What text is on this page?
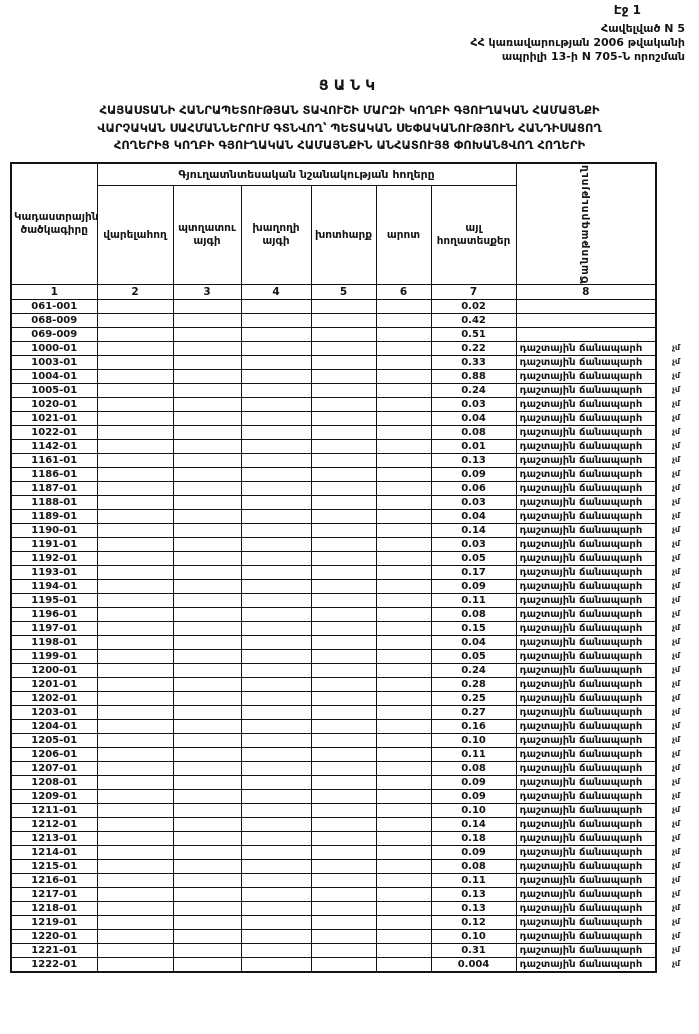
Էջ 1
Հավելված N 5
ՀՀ կառավարության 2006 թվականի
ապրիլի 13-ի N 705-Ն որոշման
ՑԱՆԿ
ՀԱՅԱՍՏԱՆԻ ՀԱՆՐԱՊԵՏՈՒԹՅԱՆ ՏԱՎՈՒՇԻ ՄԱՐԶԻ ԿՈՂԲԻ ԳՅՈՒՂԱԿԱՆ ՀԱՄԱՅՆՔԻ
ՎԱՐՉԱԿԱՆ ՍԱՀՄԱՆՆԵՐՈՒՄ ԳՏՆՎՈՂ՝ ՊԵՏԱԿԱՆ ՍԵՓԱԿԱՆՈՒԹՅՈՒՆ ՀԱՆԴԻՍԱՑՈՂ
ՀՈՂԵՐԻՑ ԿՈՂԲԻ ԳՅՈՒՂԱԿԱՆ ՀԱՄԱՅՆՔԻՆ ԱՆՀԱՏՈՒՅՑ ՓՈԽԱՆՑՎՈՂ ՀՈՂԵՐԻ
Կադաստրային ծածկագիրը	Գյուղատնտեսական նշանակության հողերը						Ծանոթագրություն

	վարելահող	պտղատու այգի	խաղողի այգի	խոտհարք	արոտ	այլ հողատեսքեր	
1	2	3	4	5	6	7	8
061-001						0.02	
068-009						0.42	
069-009						0.51	
1000-01						0.22	դաշտային ճանապարհ չմ

1003-01						0.33	դաշտային ճանապարհ չմ

1004-01						0.88	դաշտային ճանապարհ չմ

1005-01						0.24	դաշտային ճանապարհ չմ

1020-01						0.03	դաշտային ճանապարհ չմ

1021-01						0.04	դաշտային ճանապարհ չմ

1022-01						0.08	դաշտային ճանապարհ չմ

1142-01						0.01	դաշտային ճանապարհ չմ

1161-01						0.13	դաշտային ճանապարհ չմ

1186-01						0.09	դաշտային ճանապարհ չմ

1187-01						0.06	դաշտային ճանապարհ չմ

1188-01						0.03	դաշտային ճանապարհ չմ

1189-01						0.04	դաշտային ճանապարհ չմ

1190-01						0.14	դաշտային ճանապարհ չմ

1191-01						0.03	դաշտային ճանապարհ չմ

1192-01						0.05	դաշտային ճանապարհ չմ

1193-01						0.17	դաշտային ճանապարհ չմ

1194-01						0.09	դաշտային ճանապարհ չմ

1195-01						0.11	դաշտային ճանապարհ չմ

1196-01						0.08	դաշտային ճանապարհ չմ

1197-01						0.15	դաշտային ճանապարհ չմ

1198-01						0.04	դաշտային ճանապարհ չմ

1199-01						0.05	դաշտային ճանապարհ չմ

1200-01						0.24	դաշտային ճանապարհ չմ

1201-01						0.28	դաշտային ճանապարհ չմ

1202-01						0.25	դաշտային ճանապարհ չմ

1203-01						0.27	դաշտային ճանապարհ չմ

1204-01						0.16	դաշտային ճանապարհ չմ

1205-01						0.10	դաշտային ճանապարհ չմ

1206-01						0.11	դաշտային ճանապարհ չմ

1207-01						0.08	դաշտային ճանապարհ չմ

1208-01						0.09	դաշտային ճանապարհ չմ

1209-01						0.09	դաշտային ճանապարհ չմ

1211-01						0.10	դաշտային ճանապարհ չմ

1212-01						0.14	դաշտային ճանապարհ չմ

1213-01						0.18	դաշտային ճանապարհ չմ

1214-01						0.09	դաշտային ճանապարհ չմ

1215-01						0.08	դաշտային ճանապարհ չմ

1216-01						0.11	դաշտային ճանապարհ չմ

1217-01						0.13	դաշտային ճանապարհ չմ

1218-01						0.13	դաշտային ճանապարհ չմ

1219-01						0.12	դաշտային ճանապարհ չմ

1220-01						0.10	դաշտային ճանապարհ չմ

1221-01						0.31	դաշտային ճանապարհ չմ

1222-01						0.004	դաշտային ճանապարհ չմ
